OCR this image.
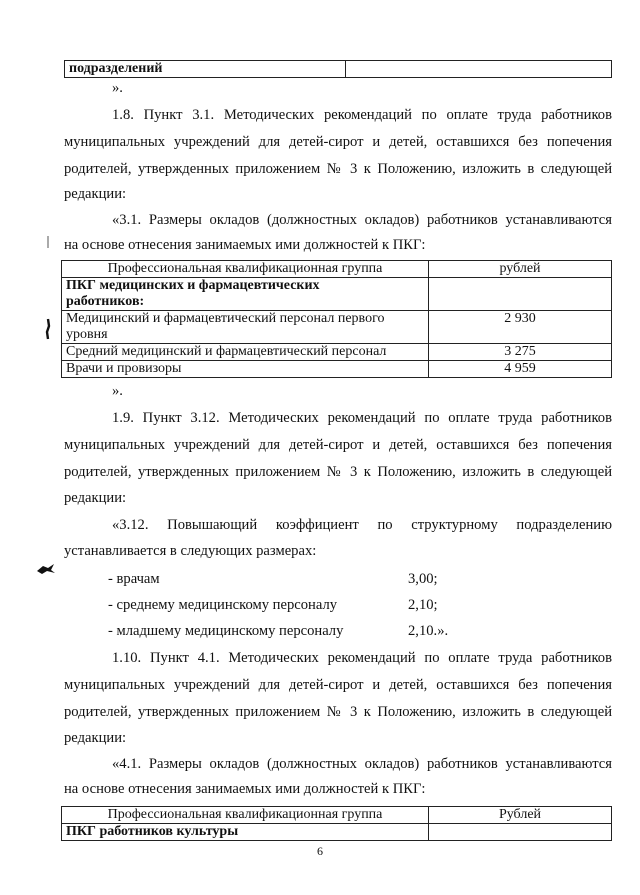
подразделений	
».
1.8. Пункт 3.1. Методических рекомендаций по оплате труда работников
муниципальных учреждений для детей-сирот и детей, оставшихся без попечения
родителей, утвержденных приложением № 3 к Положению, изложить в следующей
редакции:
«3.1. Размеры окладов (должностных окладов) работников устанавливаются
на основе отнесения занимаемых ими должностей к ПКГ:
Профессиональная квалификационная группа	рублей

ПКГ медицинских и фармацевтических
работников:	

Медицинский и фармацевтический персонал первого
уровня	2 930
Средний медицинский и фармацевтический персонал	3 275
Врачи и провизоры	4 959
».
1.9. Пункт 3.12. Методических рекомендаций по оплате труда работников
муниципальных учреждений для детей-сирот и детей, оставшихся без попечения
родителей, утвержденных приложением № 3 к Положению, изложить в следующей
редакции:
«3.12. Повышающий коэффициент по структурному подразделению
устанавливается в следующих размерах:
- врачам	3,00;
- среднему медицинскому персоналу	2,10;
- младшему медицинскому персоналу	2,10.».
1.10. Пункт 4.1. Методических рекомендаций по оплате труда работников
муниципальных учреждений для детей-сирот и детей, оставшихся без попечения
родителей, утвержденных приложением № 3 к Положению, изложить в следующей
редакции:
«4.1. Размеры окладов (должностных окладов) работников устанавливаются
на основе отнесения занимаемых ими должностей к ПКГ:
Профессиональная квалификационная группа	Рублей
ПКГ работников культуры	
6
